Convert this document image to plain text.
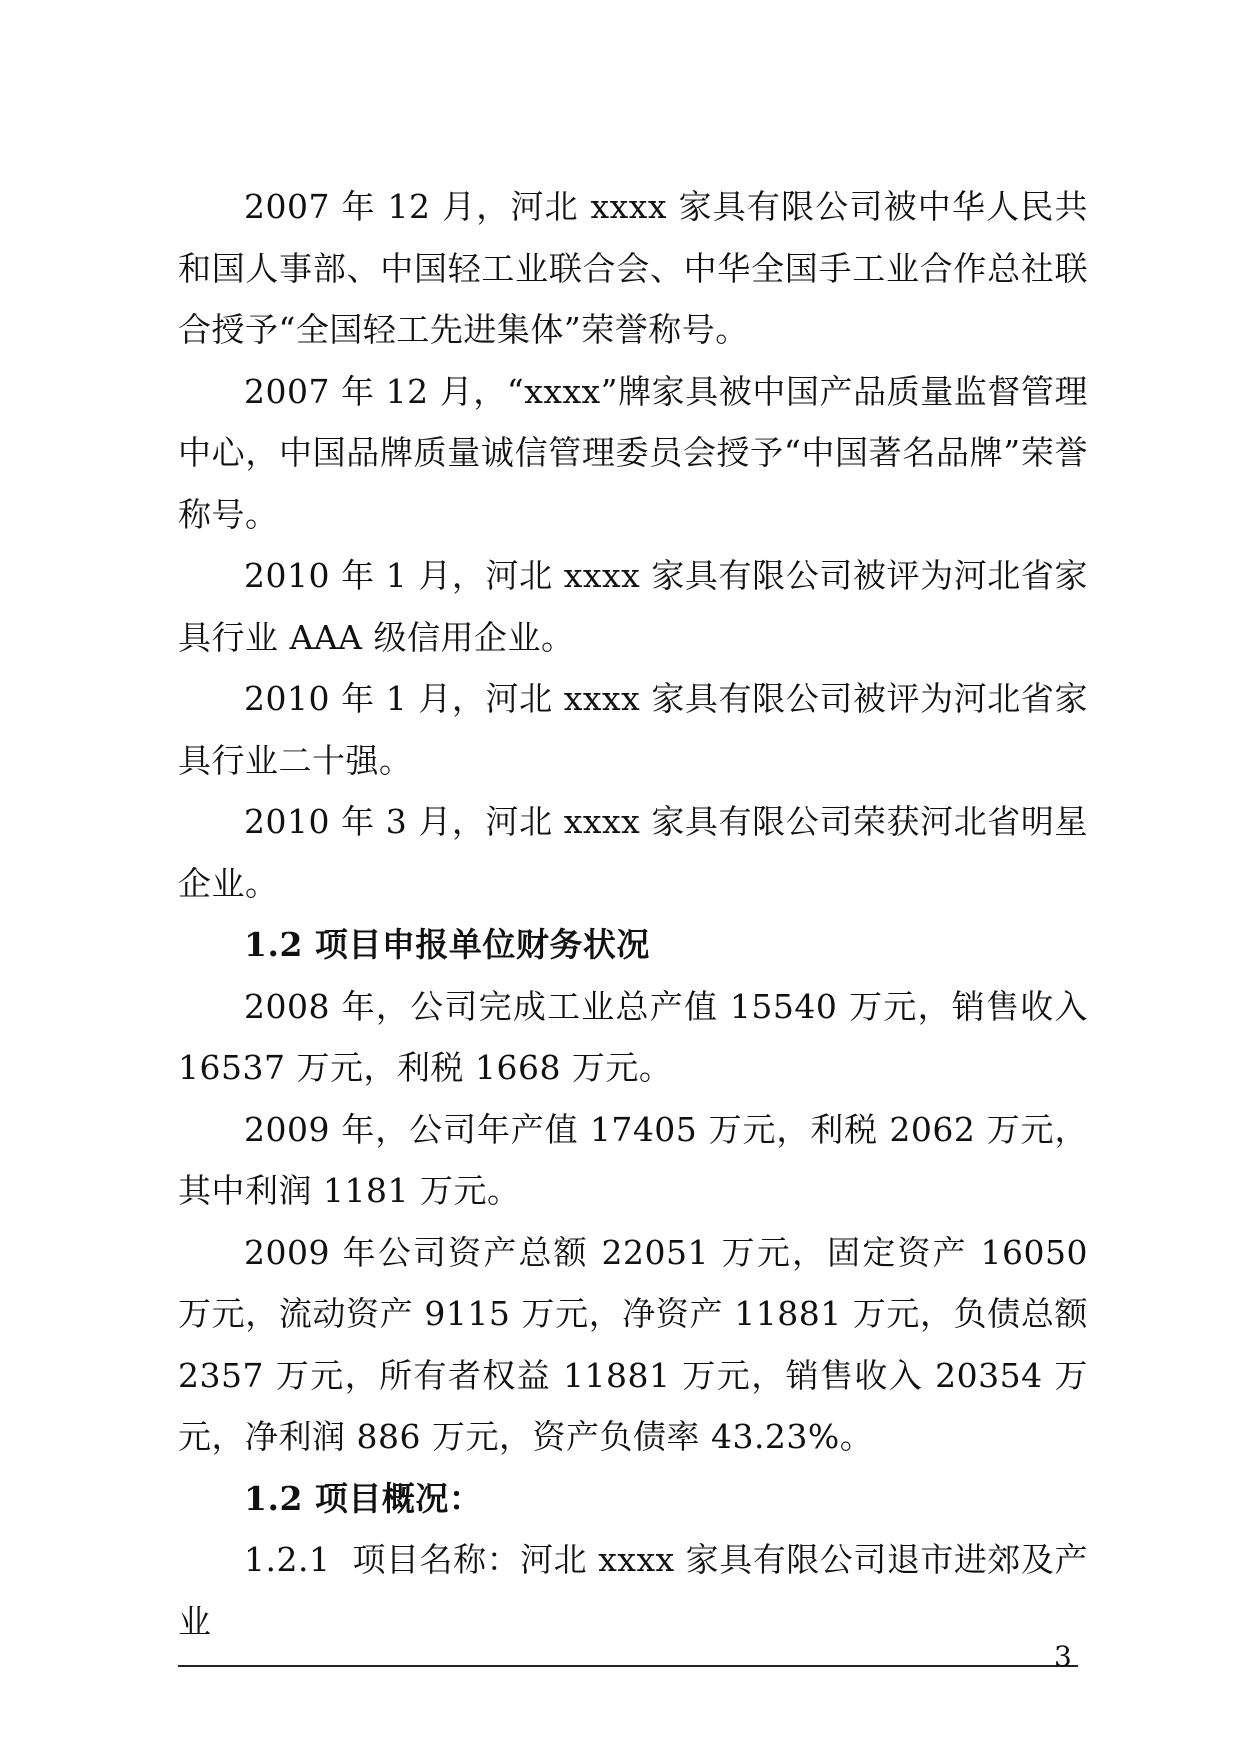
2007 年 12 月，河北 xxxx 家具有限公司被中华人民共和国人事部、中国轻工业联合会、中华全国手工业合作总社联合授予“全国轻工先进集体”荣誉称号。

2007 年 12 月，“xxxx”牌家具被中国产品质量监督管理中心，中国品牌质量诚信管理委员会授予“中国著名品牌”荣誉称号。

2010 年 1 月，河北 xxxx 家具有限公司被评为河北省家具行业 AAA 级信用企业。

2010 年 1 月，河北 xxxx 家具有限公司被评为河北省家具行业二十强。

2010 年 3 月，河北 xxxx 家具有限公司荣获河北省明星企业。

1.2 项目申报单位财务状况

2008 年，公司完成工业总产值 15540 万元，销售收入 16537 万元，利税 1668 万元。

2009 年，公司年产值 17405 万元，利税 2062 万元，其中利润 1181 万元。

2009 年公司资产总额 22051 万元，固定资产 16050 万元，流动资产 9115 万元，净资产 11881 万元，负债总额 2357 万元，所有者权益 11881 万元，销售收入 20354 万元，净利润 886 万元，资产负债率 43.23%。

1.2 项目概况：

1.2.1  项目名称：河北 xxxx 家具有限公司退市进郊及产业

3
